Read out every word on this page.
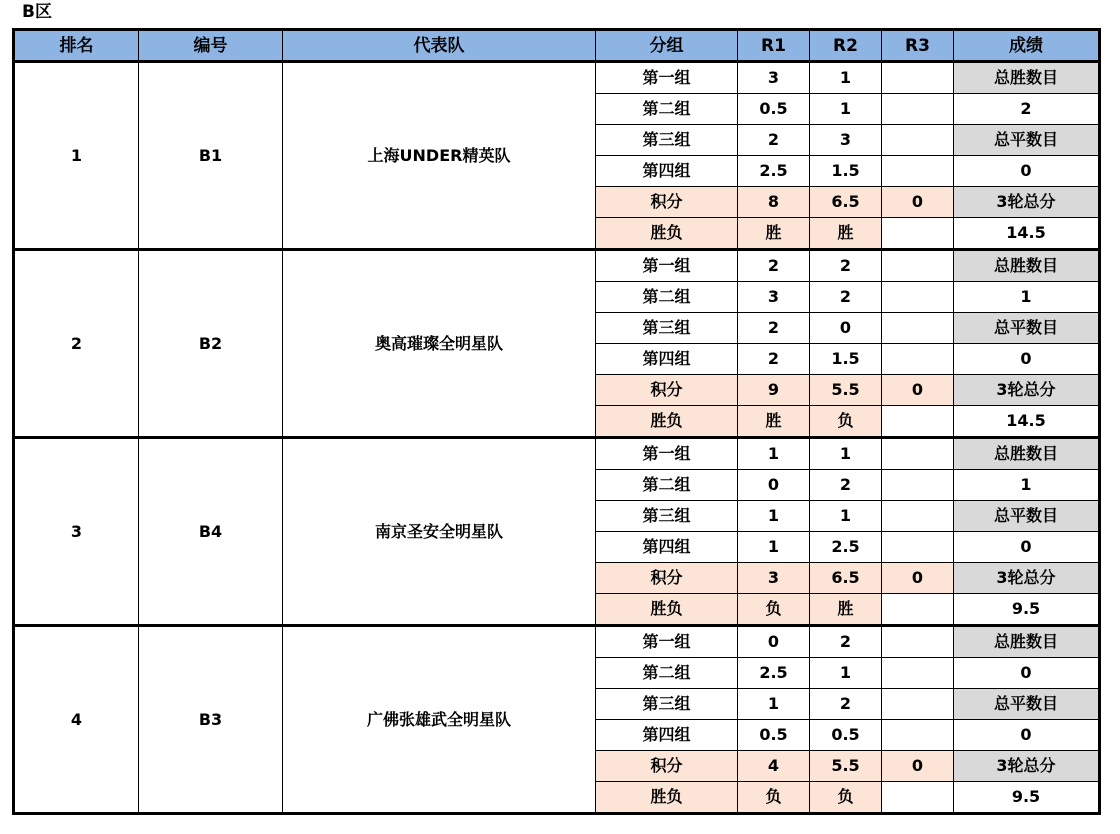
B区
排名	编号	代表队	分组	R1	R2	R3	成绩
1	B1	上海UNDER精英队	第一组	3	1		总胜数目
			第二组	0.5	1		2
			第三组	2	3		总平数目
			第四组	2.5	1.5		0
			积分	8	6.5	0	3轮总分
			胜负	胜	胜		14.5
2	B2	奥高璀璨全明星队	第一组	2	2		总胜数目
			第二组	3	2		1
			第三组	2	0		总平数目
			第四组	2	1.5		0
			积分	9	5.5	0	3轮总分
			胜负	胜	负		14.5
3	B4	南京圣安全明星队	第一组	1	1		总胜数目
			第二组	0	2		1
			第三组	1	1		总平数目
			第四组	1	2.5		0
			积分	3	6.5	0	3轮总分
			胜负	负	胜		9.5
4	B3	广佛张雄武全明星队	第一组	0	2		总胜数目
			第二组	2.5	1		0
			第三组	1	2		总平数目
			第四组	0.5	0.5		0
			积分	4	5.5	0	3轮总分
			胜负	负	负		9.5
